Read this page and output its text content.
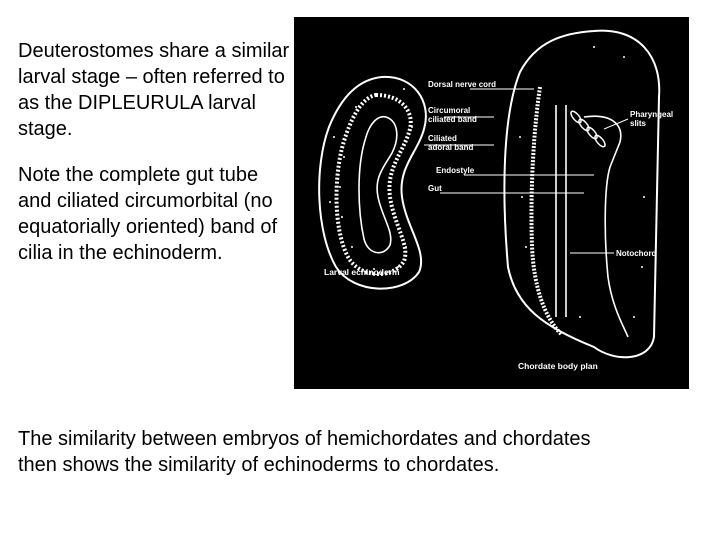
Deuterostomes share a similar larval stage – often referred to as the DIPLEURULA larval stage.

Note the complete gut tube and ciliated circumorbital (no equatorially oriented) band of cilia in the echinoderm.

Larval echinoderm
Dorsal nerve cord
Circumoral
ciliated band
Ciliated
adoral band
Endostyle
Gut
Pharyngeal
slits
Notochord
Chordate body plan

The similarity between embryos of hemichordates and chordates

then shows the similarity of echinoderms to chordates.
